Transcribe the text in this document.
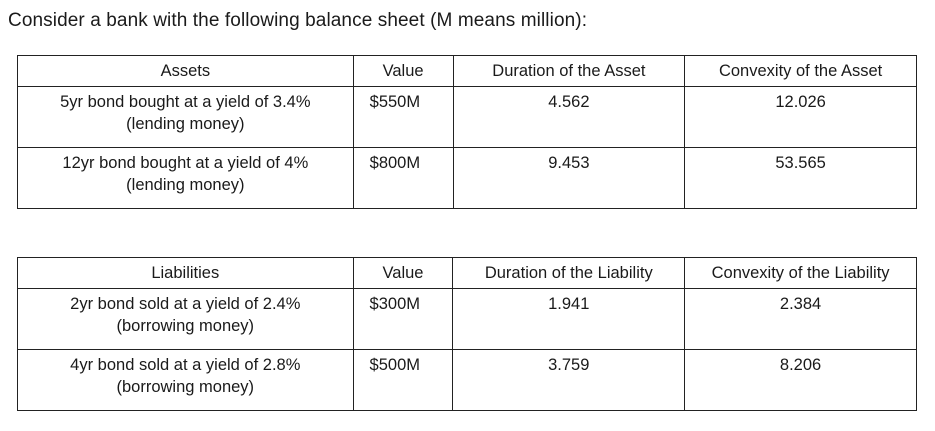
Consider a bank with the following balance sheet (M means million):
Assets	Value	Duration of the Asset	Convexity of the Asset

5yr bond bought at a yield of 3.4%
(lending money)	$550M	4.562	12.026

12yr bond bought at a yield of 4%
(lending money)	$800M	9.453	53.565
Liabilities	Value	Duration of the Liability	Convexity of the Liability

2yr bond sold at a yield of 2.4%
(borrowing money)	$300M	1.941	2.384

4yr bond sold at a yield of 2.8%
(borrowing money)	$500M	3.759	8.206
